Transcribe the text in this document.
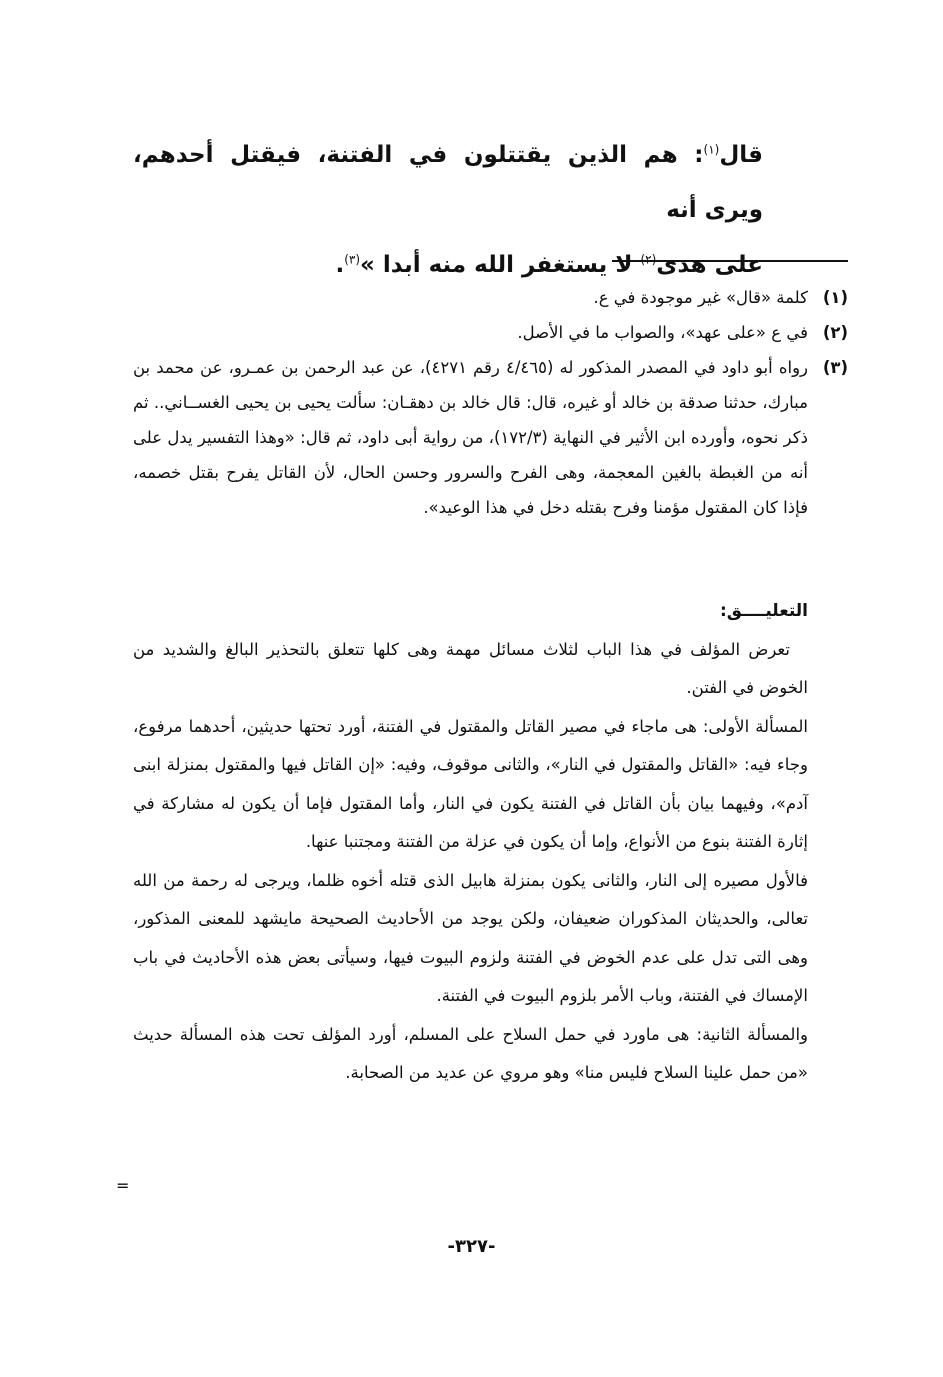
قال$^{(١)}$: هم الذين يقتتلون في الفتنة، فيقتل أحدهم، ويرى أنه

على هدى$^{(٢)}$ لا يستغفر الله منه أبدا »$^{(٣)}$.

(١)
كلمة «قال» غير موجودة في ع.
(٢)
في ع «على عهد»، والصواب ما في الأصل.
(٣)
رواه أبو داود في المصدر المذكور له (٤/٤٦٥ رقم ٤٢٧١)، عن عبد الرحمن بن عمـرو، عن محمد بن مبارك، حدثنا صدقة بن خالد أو غيره، قال: قال خالد بن دهقـان: سألت يحيى بن يحيى الغســاني.. ثم ذكر نحوه، وأورده ابن الأثير في النهاية (١٧٢/٣)، من رواية أبى داود، ثم قال: «وهذا التفسير يدل على أنه من الغبطة بالغين المعجمة، وهى الفرح والسرور وحسن الحال، لأن القاتل يفرح بقتل خصمه، فإذا كان المقتول مؤمنا وفرح بقتله دخل في هذا الوعيد».

التعليــــق:

تعرض المؤلف في هذا الباب لثلاث مسائل مهمة وهى كلها تتعلق بالتحذير البالغ والشديد من الخوض في الفتن.

المسألة الأولى: هى ماجاء في مصير القاتل والمقتول في الفتنة، أورد تحتها حديثين، أحدهما مرفوع، وجاء فيه: «القاتل والمقتول في النار»، والثانى موقوف، وفيه: «إن القاتل فيها والمقتول بمنزلة ابنى آدم»، وفيهما بيان بأن القاتل في الفتنة يكون في النار، وأما المقتول فإما أن يكون له مشاركة في إثارة الفتنة بنوع من الأنواع، وإما أن يكون في عزلة من الفتنة ومجتنبا عنها.

فالأول مصيره إلى النار، والثانى يكون بمنزلة هابيل الذى قتله أخوه ظلما، ويرجى له رحمة من الله تعالى، والحديثان المذكوران ضعيفان، ولكن يوجد من الأحاديث الصحيحة مايشهد للمعنى المذكور، وهى التى تدل على عدم الخوض في الفتنة ولزوم البيوت فيها، وسيأتى بعض هذه الأحاديث في باب الإمساك في الفتنة، وباب الأمر بلزوم البيوت في الفتنة.

والمسألة الثانية: هى ماورد في حمل السلاح على المسلم، أورد المؤلف تحت هذه المسألة حديث «من حمل علينا السلاح فليس منا» وهو مروي عن عديد من الصحابة.

=
-٣٢٧-
